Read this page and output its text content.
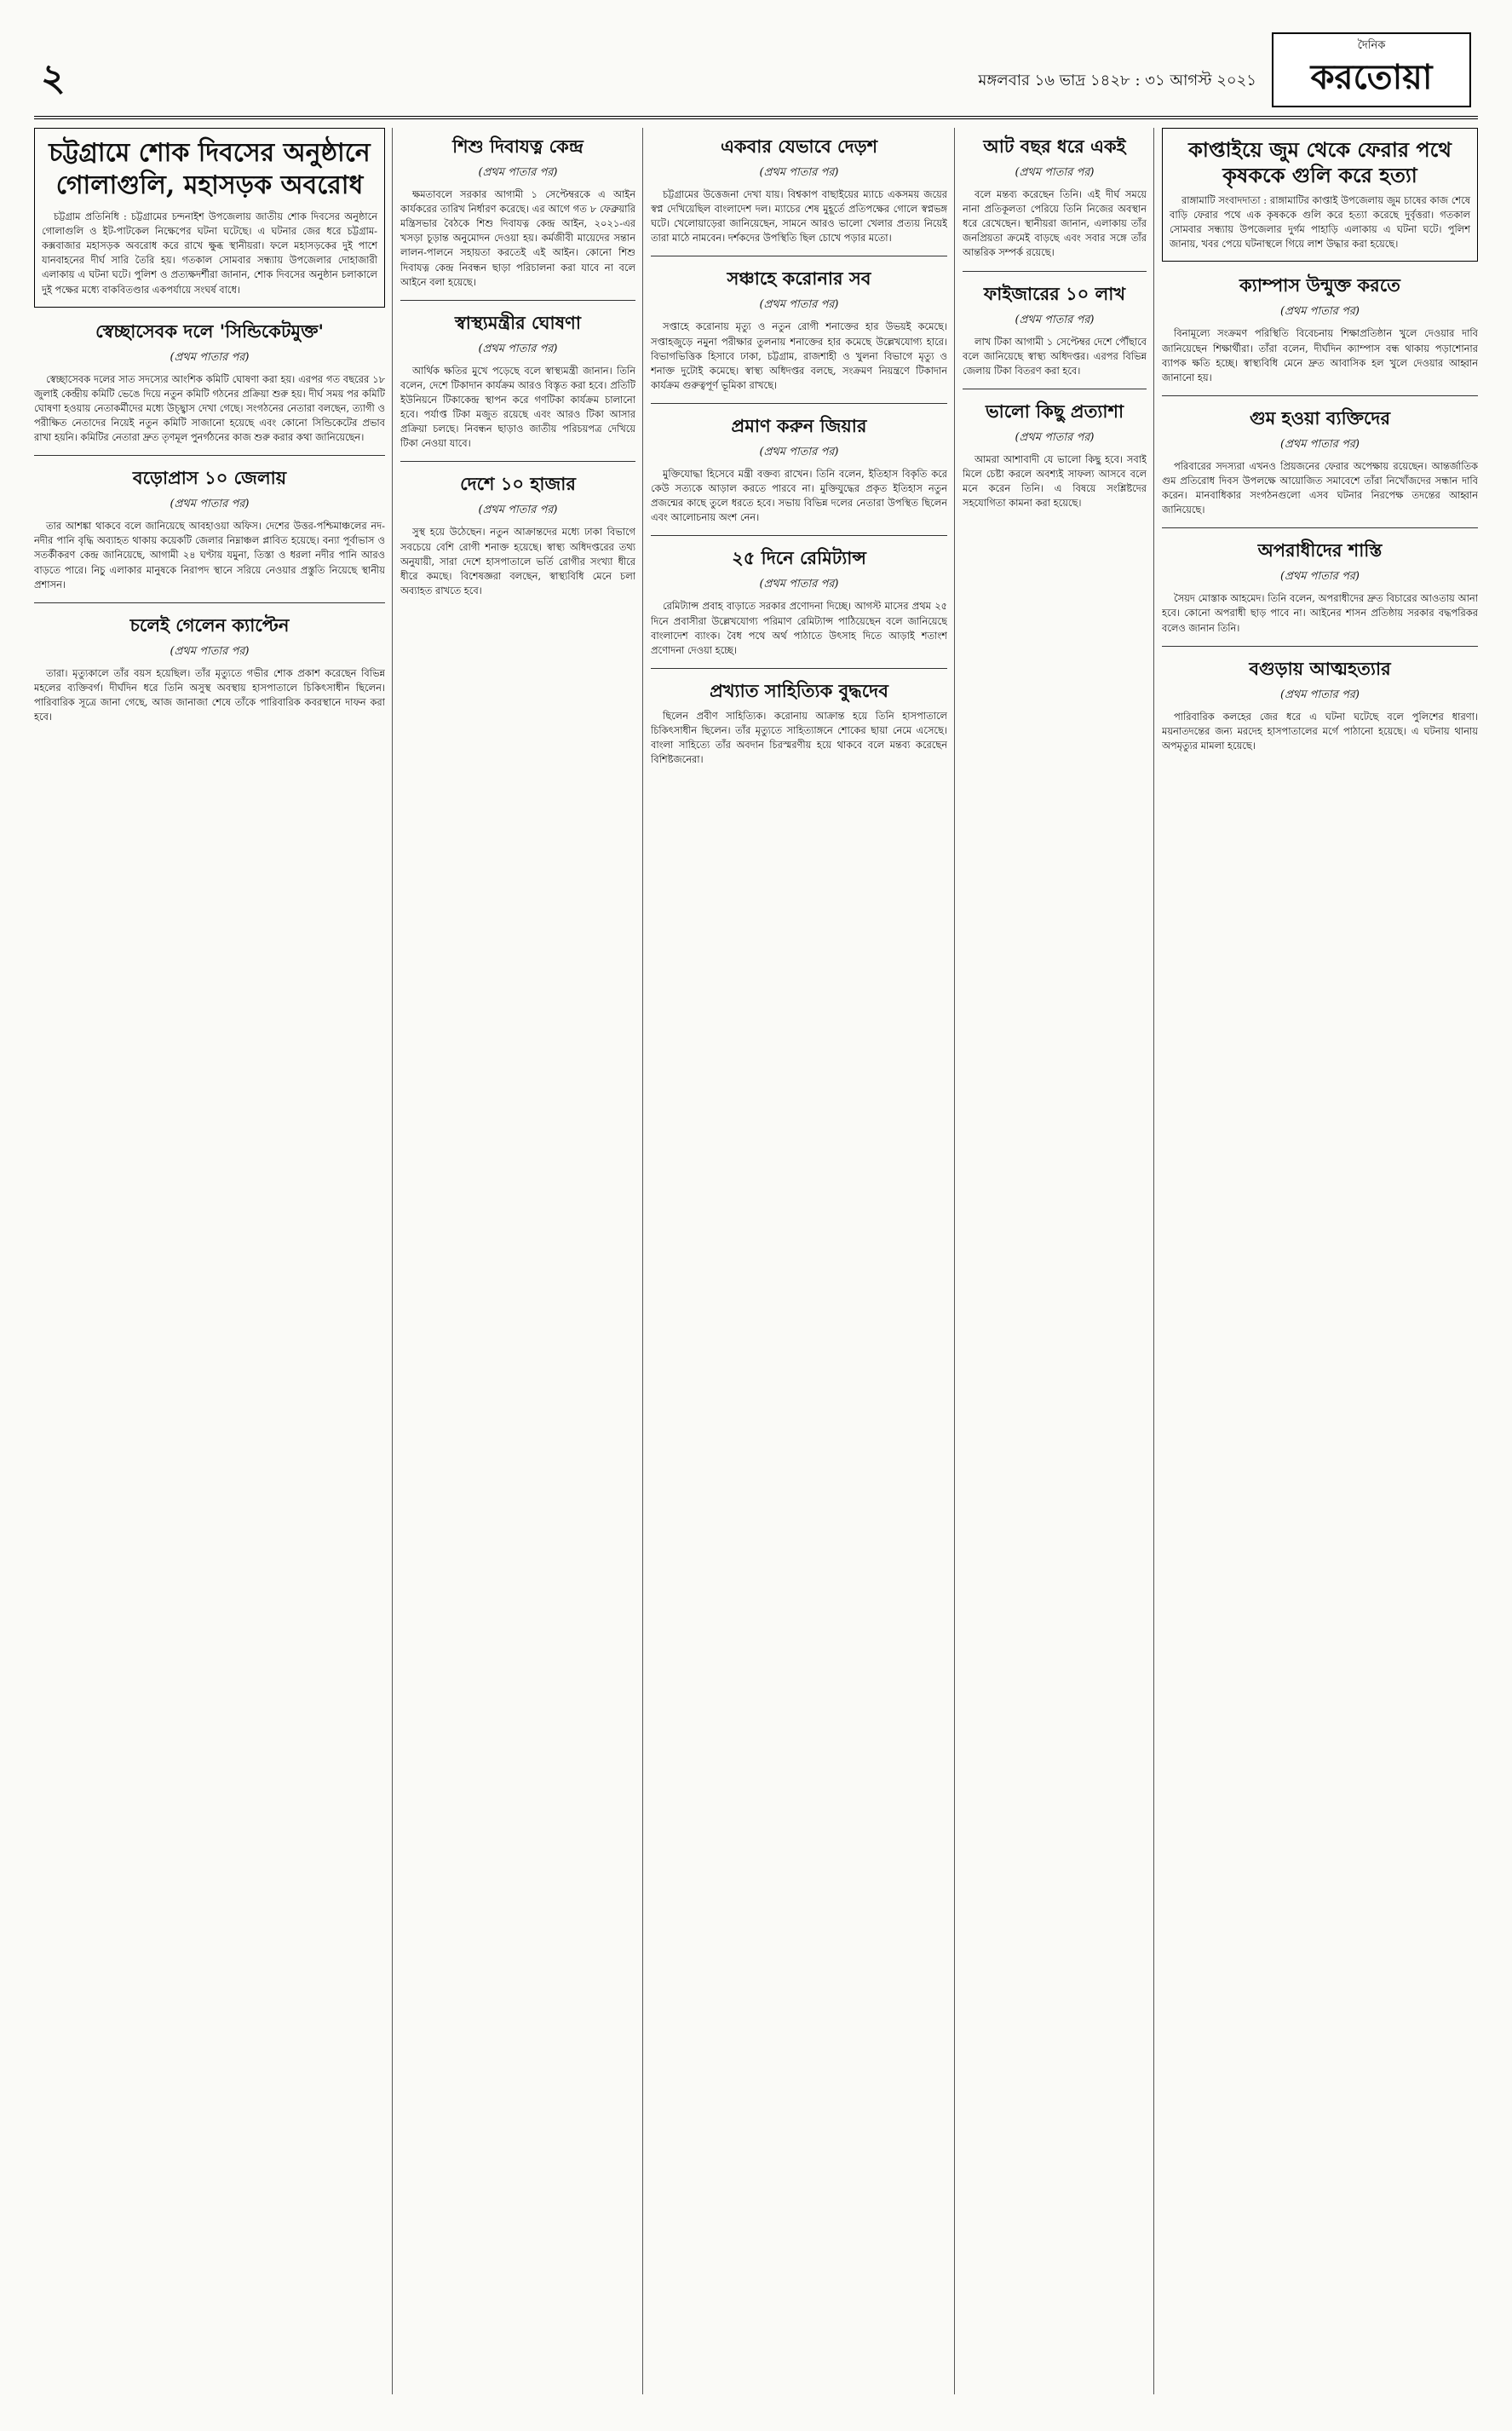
২	মঙ্গলবার ১৬ ভাদ্র ১৪২৮ : ৩১ আগস্ট ২০২১
দৈনিক
করতোয়া
চট্টগ্রামে শোক দিবসের অনুষ্ঠানে গোলাগুলি, মহাসড়ক অবরোধ

চট্টগ্রাম প্রতিনিধি : চট্টগ্রামের চন্দনাইশ উপজেলায় জাতীয় শোক দিবসের অনুষ্ঠানে গোলাগুলি ও ইট-পাটকেল নিক্ষেপের ঘটনা ঘটেছে। এ ঘটনার জের ধরে চট্টগ্রাম-কক্সবাজার মহাসড়ক অবরোধ করে রাখে ক্ষুব্ধ স্থানীয়রা। ফলে মহাসড়কের দুই পাশে যানবাহনের দীর্ঘ সারি তৈরি হয়। গতকাল সোমবার সন্ধ্যায় উপজেলার দোহাজারী এলাকায় এ ঘটনা ঘটে। পুলিশ ও প্রত্যক্ষদর্শীরা জানান, শোক দিবসের অনুষ্ঠান চলাকালে দুই পক্ষের মধ্যে বাকবিতণ্ডার একপর্যায়ে সংঘর্ষ বাধে।

স্বেচ্ছাসেবক দলে 'সিন্ডিকেটমুক্ত'
(প্রথম পাতার পর)

স্বেচ্ছাসেবক দলের সাত সদস্যের আংশিক কমিটি ঘোষণা করা হয়। এরপর গত বছরের ১৮ জুলাই কেন্দ্রীয় কমিটি ভেঙে দিয়ে নতুন কমিটি গঠনের প্রক্রিয়া শুরু হয়। দীর্ঘ সময় পর কমিটি ঘোষণা হওয়ায় নেতাকর্মীদের মধ্যে উচ্ছ্বাস দেখা গেছে। সংগঠনের নেতারা বলছেন, ত্যাগী ও পরীক্ষিত নেতাদের নিয়েই নতুন কমিটি সাজানো হয়েছে এবং কোনো সিন্ডিকেটের প্রভাব রাখা হয়নি। কমিটির নেতারা দ্রুত তৃণমূল পুনর্গঠনের কাজ শুরু করার কথা জানিয়েছেন।

বড়োপ্রাস ১০ জেলায়
(প্রথম পাতার পর)

তার আশঙ্কা থাকবে বলে জানিয়েছে আবহাওয়া অফিস। দেশের উত্তর-পশ্চিমাঞ্চলের নদ-নদীর পানি বৃদ্ধি অব্যাহত থাকায় কয়েকটি জেলার নিম্নাঞ্চল প্লাবিত হয়েছে। বন্যা পূর্বাভাস ও সতর্কীকরণ কেন্দ্র জানিয়েছে, আগামী ২৪ ঘণ্টায় যমুনা, তিস্তা ও ধরলা নদীর পানি আরও বাড়তে পারে। নিচু এলাকার মানুষকে নিরাপদ স্থানে সরিয়ে নেওয়ার প্রস্তুতি নিয়েছে স্থানীয় প্রশাসন।

চলেই গেলেন ক্যাপ্টেন
(প্রথম পাতার পর)

তারা। মৃত্যুকালে তাঁর বয়স হয়েছিল। তাঁর মৃত্যুতে গভীর শোক প্রকাশ করেছেন বিভিন্ন মহলের ব্যক্তিবর্গ। দীর্ঘদিন ধরে তিনি অসুস্থ অবস্থায় হাসপাতালে চিকিৎসাধীন ছিলেন। পারিবারিক সূত্রে জানা গেছে, আজ জানাজা শেষে তাঁকে পারিবারিক কবরস্থানে দাফন করা হবে।

শিশু দিবাযত্ন কেন্দ্র
(প্রথম পাতার পর)

ক্ষমতাবলে সরকার আগামী ১ সেপ্টেম্বরকে এ আইন কার্যকরের তারিখ নির্ধারণ করেছে। এর আগে গত ৮ ফেব্রুয়ারি মন্ত্রিসভার বৈঠকে শিশু দিবাযত্ন কেন্দ্র আইন, ২০২১-এর খসড়া চূড়ান্ত অনুমোদন দেওয়া হয়। কর্মজীবী মায়েদের সন্তান লালন-পালনে সহায়তা করতেই এই আইন। কোনো শিশু দিবাযত্ন কেন্দ্র নিবন্ধন ছাড়া পরিচালনা করা যাবে না বলে আইনে বলা হয়েছে।

স্বাস্থ্যমন্ত্রীর ঘোষণা
(প্রথম পাতার পর)

আর্থিক ক্ষতির মুখে পড়েছে বলে স্বাস্থ্যমন্ত্রী জানান। তিনি বলেন, দেশে টিকাদান কার্যক্রম আরও বিস্তৃত করা হবে। প্রতিটি ইউনিয়নে টিকাকেন্দ্র স্থাপন করে গণটিকা কার্যক্রম চালানো হবে। পর্যাপ্ত টিকা মজুত রয়েছে এবং আরও টিকা আসার প্রক্রিয়া চলছে। নিবন্ধন ছাড়াও জাতীয় পরিচয়পত্র দেখিয়ে টিকা নেওয়া যাবে।

দেশে ১০ হাজার
(প্রথম পাতার পর)

সুস্থ হয়ে উঠেছেন। নতুন আক্রান্তদের মধ্যে ঢাকা বিভাগে সবচেয়ে বেশি রোগী শনাক্ত হয়েছে। স্বাস্থ্য অধিদপ্তরের তথ্য অনুযায়ী, সারা দেশে হাসপাতালে ভর্তি রোগীর সংখ্যা ধীরে ধীরে কমছে। বিশেষজ্ঞরা বলছেন, স্বাস্থ্যবিধি মেনে চলা অব্যাহত রাখতে হবে।

একবার যেভাবে দেড়শ
(প্রথম পাতার পর)

চট্টগ্রামের উত্তেজনা দেখা যায়। বিশ্বকাপ বাছাইয়ের ম্যাচে একসময় জয়ের স্বপ্ন দেখিয়েছিল বাংলাদেশ দল। ম্যাচের শেষ মুহূর্তে প্রতিপক্ষের গোলে স্বপ্নভঙ্গ ঘটে। খেলোয়াড়েরা জানিয়েছেন, সামনে আরও ভালো খেলার প্রত্যয় নিয়েই তারা মাঠে নামবেন। দর্শকদের উপস্থিতি ছিল চোখে পড়ার মতো।

সঞ্চাহে করোনার সব
(প্রথম পাতার পর)

সপ্তাহে করোনায় মৃত্যু ও নতুন রোগী শনাক্তের হার উভয়ই কমেছে। সপ্তাহজুড়ে নমুনা পরীক্ষার তুলনায় শনাক্তের হার কমেছে উল্লেখযোগ্য হারে। বিভাগভিত্তিক হিসাবে ঢাকা, চট্টগ্রাম, রাজশাহী ও খুলনা বিভাগে মৃত্যু ও শনাক্ত দুটোই কমেছে। স্বাস্থ্য অধিদপ্তর বলছে, সংক্রমণ নিয়ন্ত্রণে টিকাদান কার্যক্রম গুরুত্বপূর্ণ ভূমিকা রাখছে।

প্রমাণ করুন জিয়ার
(প্রথম পাতার পর)

মুক্তিযোদ্ধা হিসেবে মন্ত্রী বক্তব্য রাখেন। তিনি বলেন, ইতিহাস বিকৃতি করে কেউ সত্যকে আড়াল করতে পারবে না। মুক্তিযুদ্ধের প্রকৃত ইতিহাস নতুন প্রজন্মের কাছে তুলে ধরতে হবে। সভায় বিভিন্ন দলের নেতারা উপস্থিত ছিলেন এবং আলোচনায় অংশ নেন।

২৫ দিনে রেমিট্যান্স
(প্রথম পাতার পর)

রেমিট্যান্স প্রবাহ বাড়াতে সরকার প্রণোদনা দিচ্ছে। আগস্ট মাসের প্রথম ২৫ দিনে প্রবাসীরা উল্লেখযোগ্য পরিমাণ রেমিট্যান্স পাঠিয়েছেন বলে জানিয়েছে বাংলাদেশ ব্যাংক। বৈধ পথে অর্থ পাঠাতে উৎসাহ দিতে আড়াই শতাংশ প্রণোদনা দেওয়া হচ্ছে।

প্রখ্যাত সাহিত্যিক বুদ্ধদেব

ছিলেন প্রবীণ সাহিত্যিক। করোনায় আক্রান্ত হয়ে তিনি হাসপাতালে চিকিৎসাধীন ছিলেন। তাঁর মৃত্যুতে সাহিত্যাঙ্গনে শোকের ছায়া নেমে এসেছে। বাংলা সাহিত্যে তাঁর অবদান চিরস্মরণীয় হয়ে থাকবে বলে মন্তব্য করেছেন বিশিষ্টজনেরা।

আট বছর ধরে একই
(প্রথম পাতার পর)

বলে মন্তব্য করেছেন তিনি। এই দীর্ঘ সময়ে নানা প্রতিকূলতা পেরিয়ে তিনি নিজের অবস্থান ধরে রেখেছেন। স্থানীয়রা জানান, এলাকায় তাঁর জনপ্রিয়তা ক্রমেই বাড়ছে এবং সবার সঙ্গে তাঁর আন্তরিক সম্পর্ক রয়েছে।

ফাইজারের ১০ লাখ
(প্রথম পাতার পর)

লাখ টিকা আগামী ১ সেপ্টেম্বর দেশে পৌঁছাবে বলে জানিয়েছে স্বাস্থ্য অধিদপ্তর। এরপর বিভিন্ন জেলায় টিকা বিতরণ করা হবে।

ভালো কিছু প্রত্যাশা
(প্রথম পাতার পর)

আমরা আশাবাদী যে ভালো কিছু হবে। সবাই মিলে চেষ্টা করলে অবশ্যই সাফল্য আসবে বলে মনে করেন তিনি। এ বিষয়ে সংশ্লিষ্টদের সহযোগিতা কামনা করা হয়েছে।

কাপ্তাইয়ে জুম থেকে ফেরার পথে কৃষককে গুলি করে হত্যা

রাঙ্গামাটি সংবাদদাতা : রাঙ্গামাটির কাপ্তাই উপজেলায় জুম চাষের কাজ শেষে বাড়ি ফেরার পথে এক কৃষককে গুলি করে হত্যা করেছে দুর্বৃত্তরা। গতকাল সোমবার সন্ধ্যায় উপজেলার দুর্গম পাহাড়ি এলাকায় এ ঘটনা ঘটে। পুলিশ জানায়, খবর পেয়ে ঘটনাস্থলে গিয়ে লাশ উদ্ধার করা হয়েছে।

ক্যাম্পাস উন্মুক্ত করতে
(প্রথম পাতার পর)

বিনামূল্যে সংক্রমণ পরিস্থিতি বিবেচনায় শিক্ষাপ্রতিষ্ঠান খুলে দেওয়ার দাবি জানিয়েছেন শিক্ষার্থীরা। তাঁরা বলেন, দীর্ঘদিন ক্যাম্পাস বন্ধ থাকায় পড়াশোনার ব্যাপক ক্ষতি হচ্ছে। স্বাস্থ্যবিধি মেনে দ্রুত আবাসিক হল খুলে দেওয়ার আহ্বান জানানো হয়।

গুম হওয়া ব্যক্তিদের
(প্রথম পাতার পর)

পরিবারের সদস্যরা এখনও প্রিয়জনের ফেরার অপেক্ষায় রয়েছেন। আন্তর্জাতিক গুম প্রতিরোধ দিবস উপলক্ষে আয়োজিত সমাবেশে তাঁরা নিখোঁজদের সন্ধান দাবি করেন। মানবাধিকার সংগঠনগুলো এসব ঘটনার নিরপেক্ষ তদন্তের আহ্বান জানিয়েছে।

অপরাধীদের শাস্তি
(প্রথম পাতার পর)

সৈয়দ মোস্তাক আহমেদ। তিনি বলেন, অপরাধীদের দ্রুত বিচারের আওতায় আনা হবে। কোনো অপরাধী ছাড় পাবে না। আইনের শাসন প্রতিষ্ঠায় সরকার বদ্ধপরিকর বলেও জানান তিনি।

বগুড়ায় আত্মহত্যার
(প্রথম পাতার পর)

পারিবারিক কলহের জের ধরে এ ঘটনা ঘটেছে বলে পুলিশের ধারণা। ময়নাতদন্তের জন্য মরদেহ হাসপাতালের মর্গে পাঠানো হয়েছে। এ ঘটনায় থানায় অপমৃত্যুর মামলা হয়েছে।
